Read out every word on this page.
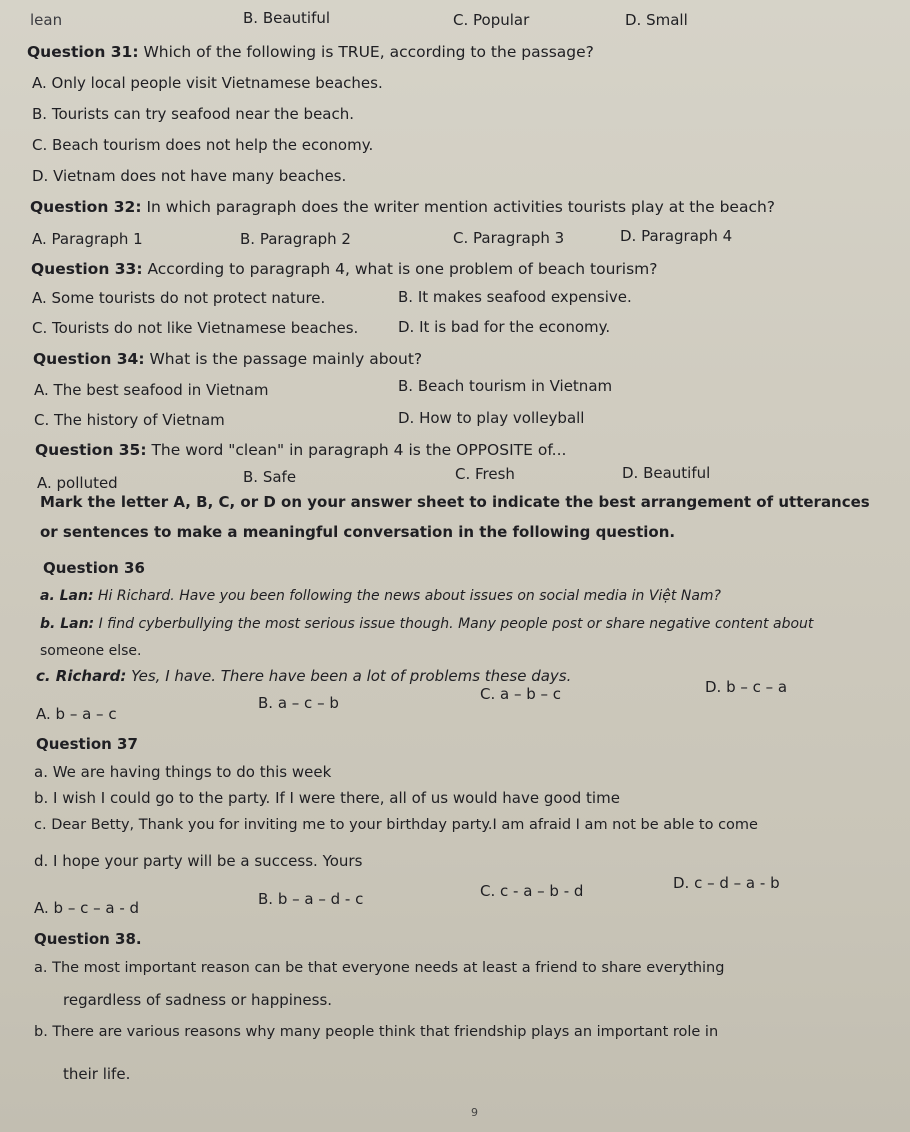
lean	B. Beautiful	C. Popular	D. Small
Question 31: Which of the following is TRUE, according to the passage?
A. Only local people visit Vietnamese beaches.
B. Tourists can try seafood near the beach.
C. Beach tourism does not help the economy.
D. Vietnam does not have many beaches.
Question 32: In which paragraph does the writer mention activities tourists play at the beach?
A. Paragraph 1	B. Paragraph 2	C. Paragraph 3	D. Paragraph 4
Question 33: According to paragraph 4, what is one problem of beach tourism?
A. Some tourists do not protect nature.	B. It makes seafood expensive.
C. Tourists do not like Vietnamese beaches.	D. It is bad for the economy.
Question 34: What is the passage mainly about?
A. The best seafood in Vietnam	B. Beach tourism in Vietnam
C. The history of Vietnam	D. How to play volleyball
Question 35: The word "clean" in paragraph 4 is the OPPOSITE of...
A. polluted	B. Safe	C. Fresh	D. Beautiful
Mark the letter A, B, C, or D on your answer sheet to indicate the best arrangement of utterances
or sentences to make a meaningful conversation in the following question.
Question 36
a. Lan: Hi Richard. Have you been following the news about issues on social media in Việt Nam?
b. Lan: I find cyberbullying the most serious issue though. Many people post or share negative content about
someone else.
c. Richard: Yes, I have. There have been a lot of problems these days.
A. b – a – c
B. a – c – b	C. a – b – c	D. b – c – a
Question 37
a. We are having things to do this week
b. I wish I could go to the party. If I were there, all of us would have good time
c. Dear Betty, Thank you for inviting me to your birthday party.I am afraid I am not be able to come
d. I hope your party will be a success. Yours
A. b – c – a - d	B. b – a – d - c	C. c - a – b - d	D. c – d – a - b
Question 38.
a. The most important reason can be that everyone needs at least a friend to share everything
regardless of sadness or happiness.
b. There are various reasons why many people think that friendship plays an important role in
their life.
9
